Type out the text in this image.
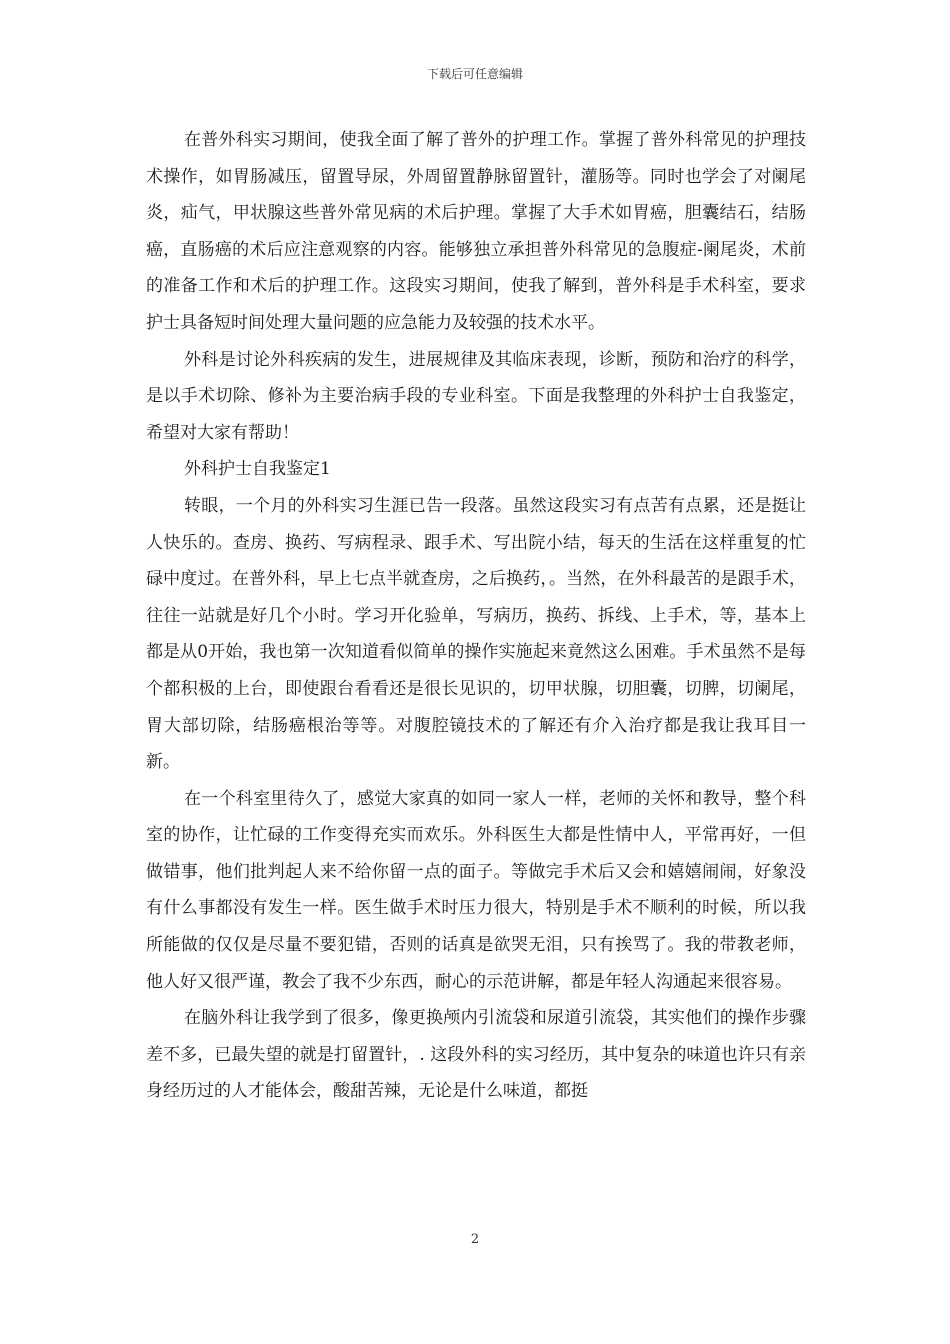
下载后可任意编辑

在普外科实习期间，使我全面了解了普外的护理工作。掌握了普外科常见的护理技术操作，如胃肠减压，留置导尿，外周留置静脉留置针，灌肠等。同时也学会了对阑尾炎，疝气，甲状腺这些普外常见病的术后护理。掌握了大手术如胃癌，胆囊结石，结肠癌，直肠癌的术后应注意观察的内容。能够独立承担普外科常见的急腹症-阑尾炎，术前的准备工作和术后的护理工作。这段实习期间，使我了解到，普外科是手术科室，要求护士具备短时间处理大量问题的应急能力及较强的技术水平。

外科是讨论外科疾病的发生，进展规律及其临床表现，诊断，预防和治疗的科学，是以手术切除、修补为主要治病手段的专业科室。下面是我整理的外科护士自我鉴定，希望对大家有帮助！

外科护士自我鉴定1

转眼，一个月的外科实习生涯已告一段落。虽然这段实习有点苦有点累，还是挺让人快乐的。查房、换药、写病程录、跟手术、写出院小结，每天的生活在这样重复的忙碌中度过。在普外科，早上七点半就查房，之后换药，。当然，在外科最苦的是跟手术，往往一站就是好几个小时。学习开化验单，写病历，换药、拆线、上手术，等，基本上都是从0开始，我也第一次知道看似简单的操作实施起来竟然这么困难。手术虽然不是每个都积极的上台，即使跟台看看还是很长见识的，切甲状腺，切胆囊，切脾，切阑尾，胃大部切除，结肠癌根治等等。对腹腔镜技术的了解还有介入治疗都是我让我耳目一新。

在一个科室里待久了，感觉大家真的如同一家人一样，老师的关怀和教导，整个科室的协作，让忙碌的工作变得充实而欢乐。外科医生大都是性情中人，平常再好，一但做错事，他们批判起人来不给你留一点的面子。等做完手术后又会和嬉嬉闹闹，好象没有什么事都没有发生一样。医生做手术时压力很大，特别是手术不顺利的时候，所以我所能做的仅仅是尽量不要犯错，否则的话真是欲哭无泪，只有挨骂了。我的带教老师，他人好又很严谨，教会了我不少东西，耐心的示范讲解，都是年轻人沟通起来很容易。

在脑外科让我学到了很多，像更换颅内引流袋和尿道引流袋，其实他们的操作步骤差不多，已最失望的就是打留置针，. 这段外科的实习经历，其中复杂的味道也许只有亲身经历过的人才能体会，酸甜苦辣，无论是什么味道，都挺

2
